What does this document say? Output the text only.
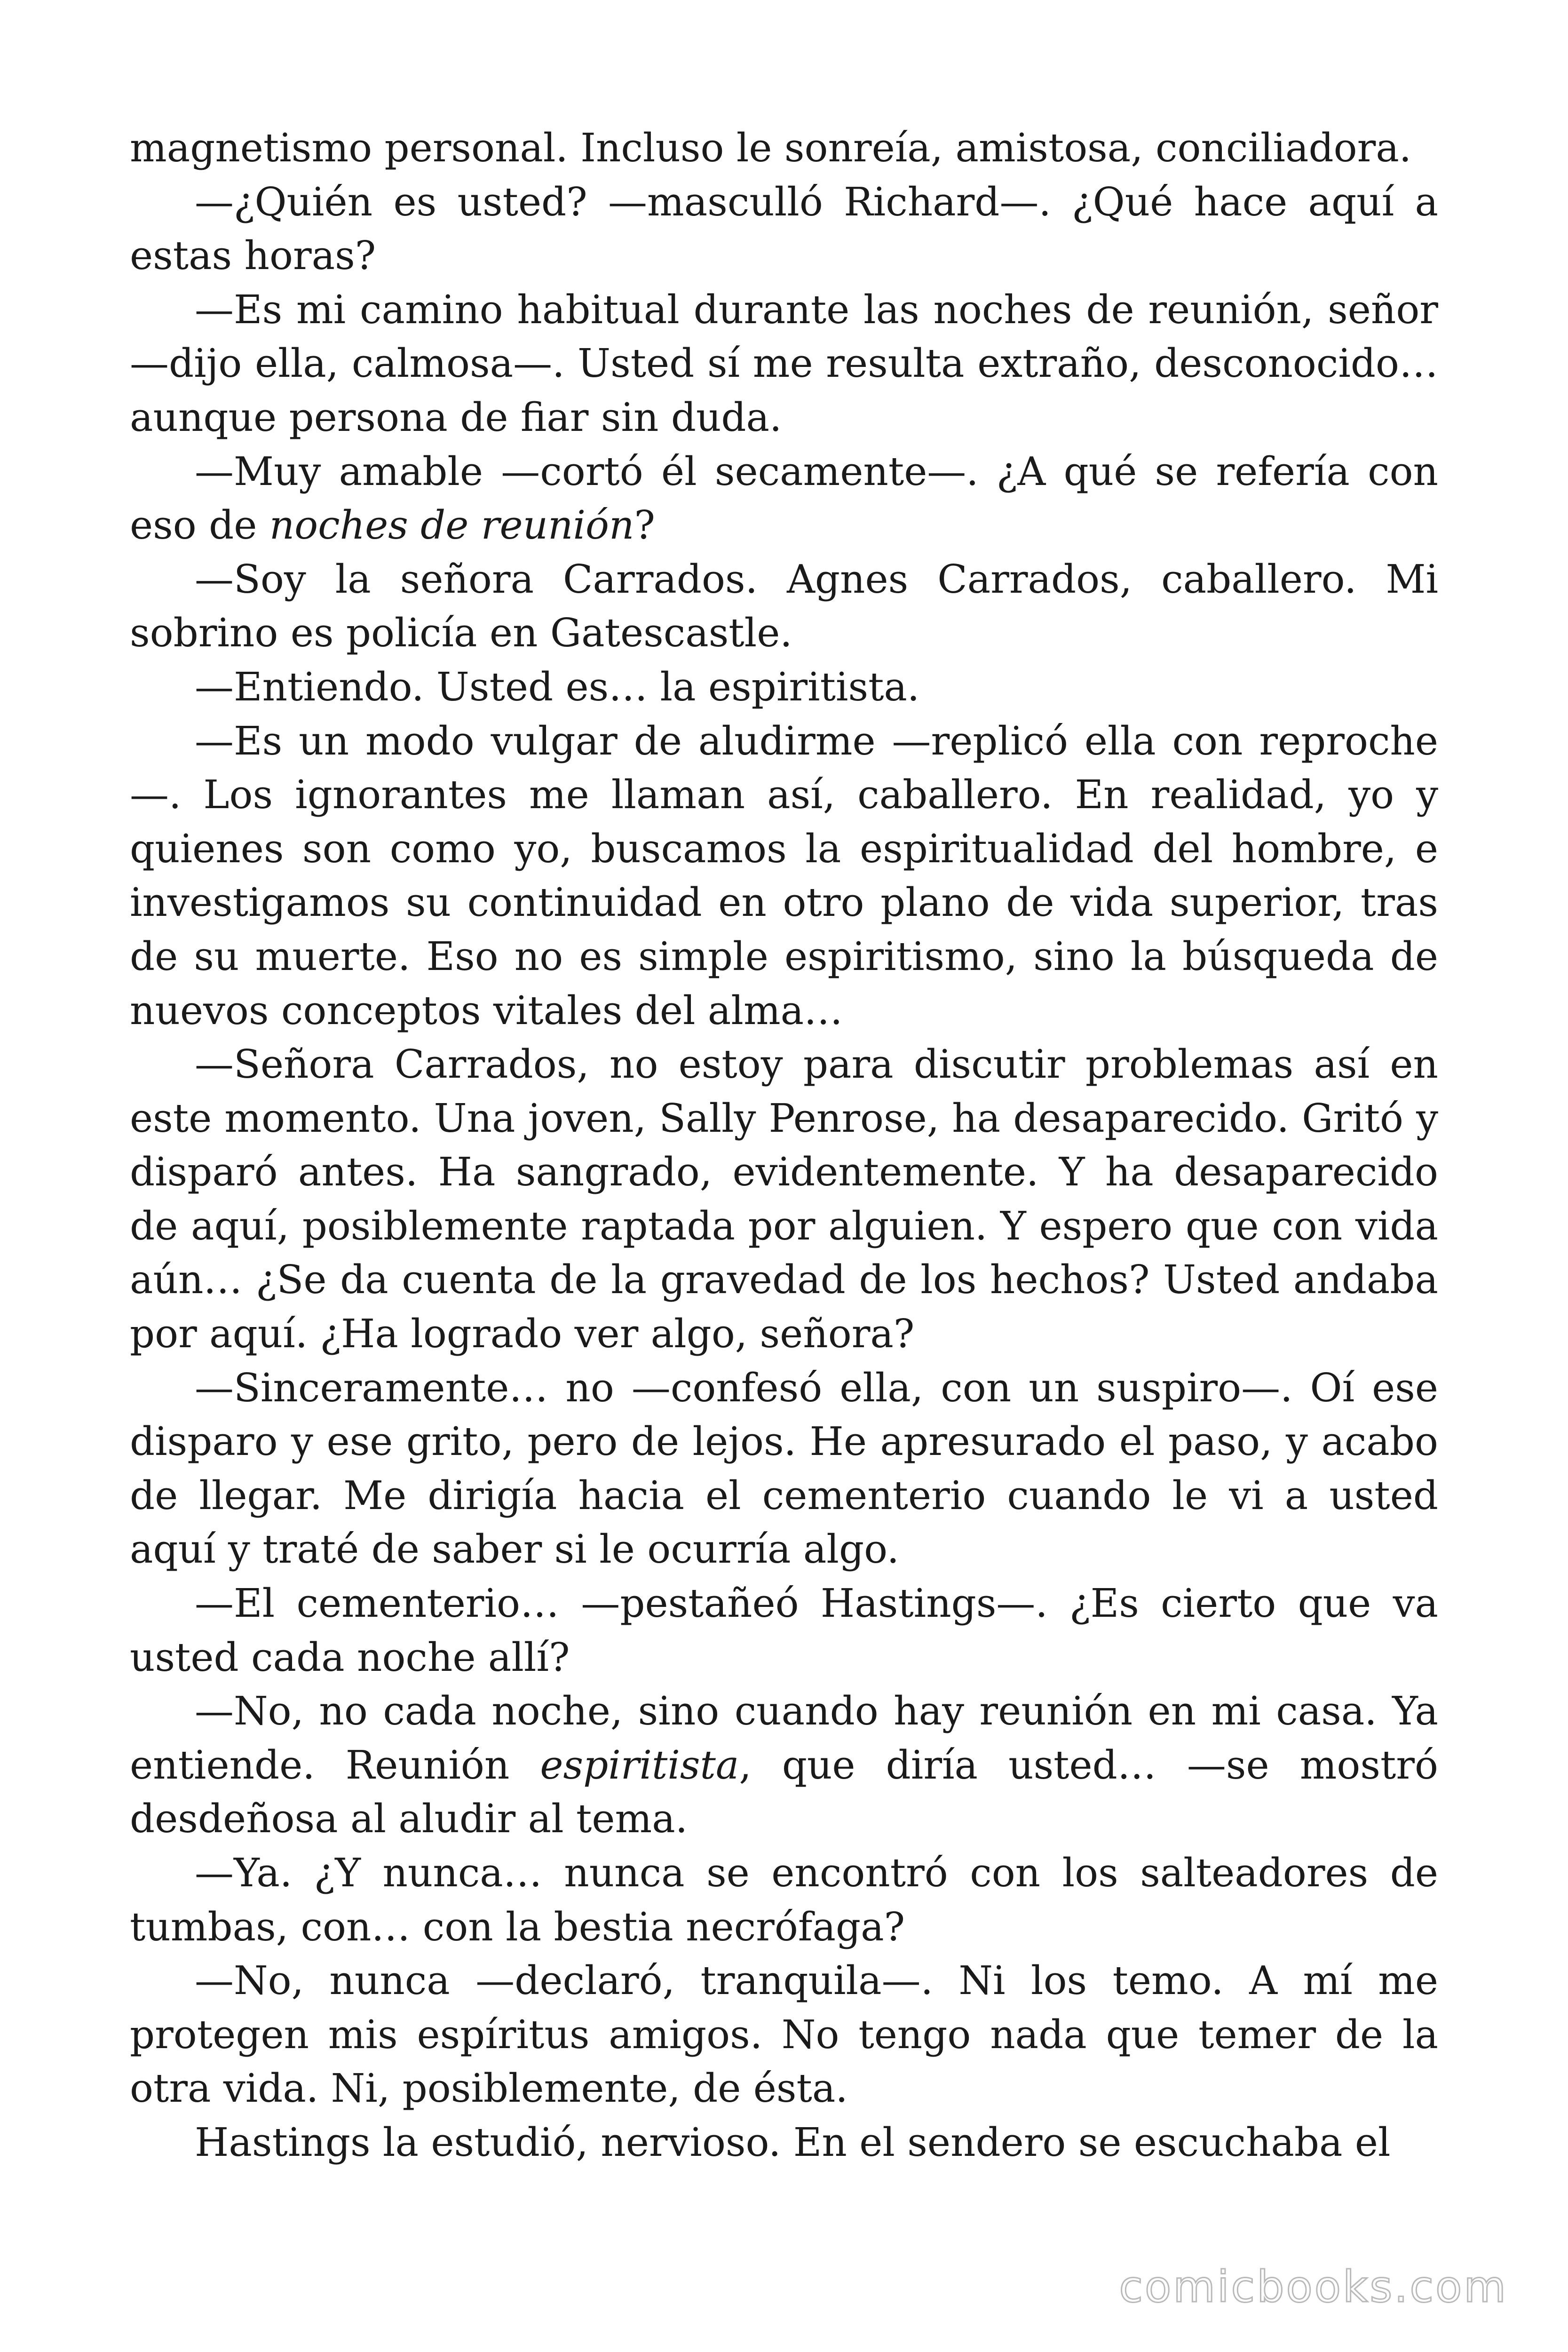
magnetismo personal. Incluso le sonreía, amistosa, conciliadora.

—¿Quién es usted? —masculló Richard—. ¿Qué hace aquí a estas horas?

—Es mi camino habitual durante las noches de reunión, señor —dijo ella, calmosa—. Usted sí me resulta extraño, desconocido… aunque persona de fiar sin duda.

—Muy amable —cortó él secamente—. ¿A qué se refería con eso de noches de reunión?

—Soy la señora Carrados. Agnes Carrados, caballero. Mi sobrino es policía en Gatescastle.

—Entiendo. Usted es… la espiritista.

—Es un modo vulgar de aludirme —replicó ella con reproche—. Los ignorantes me llaman así, caballero. En realidad, yo y quienes son como yo, buscamos la espiritualidad del hombre, e investigamos su continuidad en otro plano de vida superior, tras de su muerte. Eso no es simple espiritismo, sino la búsqueda de nuevos conceptos vitales del alma…

—Señora Carrados, no estoy para discutir problemas así en este momento. Una joven, Sally Penrose, ha desaparecido. Gritó y disparó antes. Ha sangrado, evidentemente. Y ha desaparecido de aquí, posiblemente raptada por alguien. Y espero que con vida aún… ¿Se da cuenta de la gravedad de los hechos? Usted andaba por aquí. ¿Ha logrado ver algo, señora?

—Sinceramente… no —confesó ella, con un suspiro—. Oí ese disparo y ese grito, pero de lejos. He apresurado el paso, y acabo de llegar. Me dirigía hacia el cementerio cuando le vi a usted aquí y traté de saber si le ocurría algo.

—El cementerio… —pestañeó Hastings—. ¿Es cierto que va usted cada noche allí?

—No, no cada noche, sino cuando hay reunión en mi casa. Ya entiende. Reunión espiritista, que diría usted… —se mostró desdeñosa al aludir al tema.

—Ya. ¿Y nunca… nunca se encontró con los salteadores de tumbas, con… con la bestia necrófaga?

—No, nunca —declaró, tranquila—. Ni los temo. A mí me protegen mis espíritus amigos. No tengo nada que temer de la otra vida. Ni, posiblemente, de ésta.

Hastings la estudió, nervioso. En el sendero se escuchaba el

comicbooks.com
